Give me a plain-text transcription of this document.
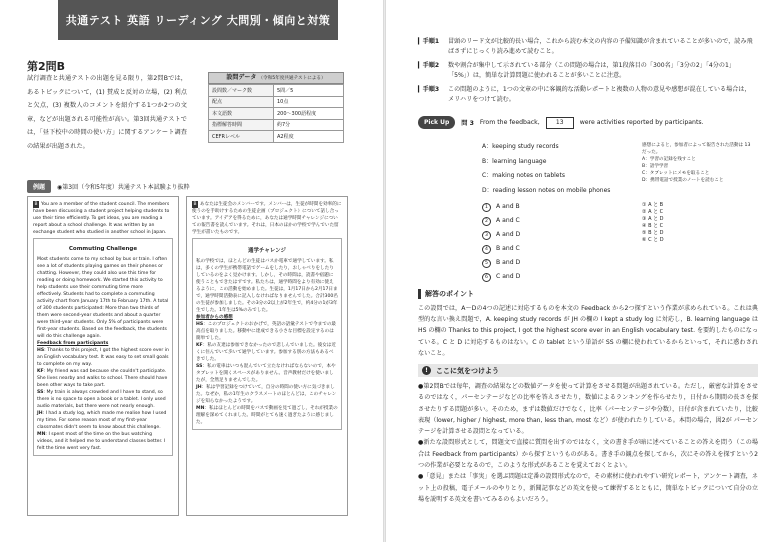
共通テスト 英語 リーディング 大問別・傾向と対策
第2問B
試行調査と共通テストの出題を見る限り，第2問Bでは，あるトピックについて，(1) 賛成と反対の立場，(2) 利点と欠点，(3) 複数人のコメントを紹介する1つか2つの文章，などが出題される可能性が高い。第3回共通テストでは，「昼下校中の時間の使い方」に関するアンケート調査の結果が出題された。
設問データ （令和5年度共通テストによる）
設問数／マーク数	5問／5
配点	10点
本文語数	200～300語程度
指標解答時間	約7分
CEFRレベル	A2程度
例題	◉第3回（令和5年度）共通テスト本試験より抜粋
B You are a member of the student council. The members have been discussing a student project helping students to use their time efficiently. To get ideas, you are reading a report about a school challenge. It was written by an exchange student who studied in another school in Japan.
Commuting Challenge
Most students come to my school by bus or train. I often see a lot of students playing games on their phones or chatting. However, they could also use this time for reading or doing homework. We started this activity to help students use their commuting time more effectively. Students had to complete a commuting activity chart from January 17th to February 17th. A total of 300 students participated: More than two thirds of them were second-year students and about a quarter were third-year students. Only 5% of participants were first-year students. Based on the feedback, the students will do this challenge again.
Feedback from participants
HS: Thanks to this project, I got the highest score ever in an English vocabulary test. It was easy to set small goals to complete on my way.
KF: My friend was sad because she couldn't participate. She lives nearby and walks to school. There should have been other ways to take part.
SS: My train is always crowded and I have to stand, so there is no space to open a book or a tablet. I only used audio materials, but there were not nearly enough.
JH: I had a study log, which made me realise how I used my time. For some reason most of my first-year classmates didn't seem to know about this challenge.
MN: I spent most of the time on the bus watching videos, and it helped me to understand classes better. I felt the time went very fast.
B あなたは生徒会のメンバーです。メンバーは，生徒が時間を効率的に使うのを手助けするための生徒企画（プロジェクト）について話し合っています。アイデアを得るために，あなたは通学時間チャレンジについての報告書を読んでいます。それは，日本のほかの学校で学んでいた留学生が書いたものです。
通学チャレンジ
私の学校では，ほとんどの生徒はバスか電車で通学しています。私は，多くの学生が携帯電話でゲームをしたり，おしゃべりをしたりしているのをよく見かけます。しかし，その時間は，読書や宿題に使うこともできたはずです。私たちは，通学時間をより有効に使えるように，この活動を始めました。生徒は，1月17日から2月17日まで，通学時間活動表に記入しなければなりませんでした。合計300名の生徒が参加しました。その3分の2以上が2年生で，約4分の1が3年生でした。1年生は5%のみでした。
参加者からの感想
HS：このプロジェクトのおかげで，英語の語彙テストで今までの最高点を取りました。移動中に達成できる小さな目標を設定するのは簡単でした。
KF：私の友達は参加できなかったので悲しんでいました。彼女は近くに住んでいて歩いて通学しています。参加する別の方法もあるべきでした。
SS：私の電車はいつも混んでいて立たなければならないので，本やタブレットを開くスペースがありません。音声教材だけを使いましたが，全然足りませんでした。
JH：私は学習記録をつけていて，自分の時間の使い方に気づきました。なぜか，私の1年生のクラスメートのほとんどは，このチャレンジを知らなかったようです。
MN：私はほとんどの時間をバスで動画を見て過ごし，それが授業の理解を深めてくれました。時間がとても速く過ぎたように感じました。
▎手順1	冒頭のリード文が比較的長い場合，これから読む本文の内容の予備知識が含まれていることが多いので，読み飛ばさずにじっくり読み進めて読むこと。
▎手順2	数や割合が集中して示されている部分（この問題の場合は，第1段落目の「300名」「3分の2」「4分の1」「5%」）は，簡単な計算問題に使われることが多いことに注意。
▎手順3	この問題のように，1つの文章の中に客観的な活動レポートと複数の人物の意見や感想が混在している場合は，メリハリをつけて読む。
Pick Up	問 3 From the feedback,	13	were activities reported by participants.
A：keeping study records
B：learning language
C：making notes on tablets
D：reading lesson notes on mobile phones
1 A and B
2 A and C
3 A and D
4 B and C
5 B and D
6 C and D
感想によると，参加者によって報告された活動は 13 だった。
A：学習の記録を残すこと
B：語学学習
C：タブレットにメモを取ること
D：携帯電話で授業のノートを読むこと
① A と B
② A と C
③ A と D
④ B と C
⑤ B と D
⑥ C と D
解答のポイント
この設問では，A～Dの4つの記述に対応するものを本文の Feedback から2つ探すという作業が求められている。これは典型的な言い換え問題で，A. keeping study records が JH の欄の I kept a study log に対応し，B. learning language は HS の欄の Thanks to this project, I got the highest score ever in an English vocabulary test. を要約したものになっている。C と D に対応するものはない。C の tablet という単語が SS の欄に使われているからといって，それに惑わされないこと。
!	ここに気をつけよう
●第2問Bでは毎年，調査の結果などの数値データを使って計算をさせる問題が出題されている。ただし，厳密な計算をさせるのではなく，パーセンテージなどの比率を答えさせたり，数値によるランキングを作らせたり，日付から期間の長さを探させたりする問題が多い。そのため，まずは数値だけでなく，比率（パーセンテージや分数），日付が含まれていたり，比較表現（lower, higher / highest, more than, less than, most など）が使われたりしている。本問の場合，図2が パーセンテージを計算させる設問となっている。
●新たな設問形式として，問題文で直接に質問を出すのではなく，文の書き手が暗に述べていることの答えを問う（この場合は Feedback from participants）から探すというものがある。書き手の観点を探してから，次にその答えを探すという2つの作業が必要となるので，このような形式があることを覚えておくとよい。
●「意見」または「事実」を選ぶ問題は定番の設問形式なので，その素材に使われやすい研究レポート，アンケート調査，ネット上の投稿，電子メールのやりとり，新聞記事などの英文を使って練習するとともに，簡単なトピックについて自分の立場を説明する英文を書いてみるのもよいだろう。
